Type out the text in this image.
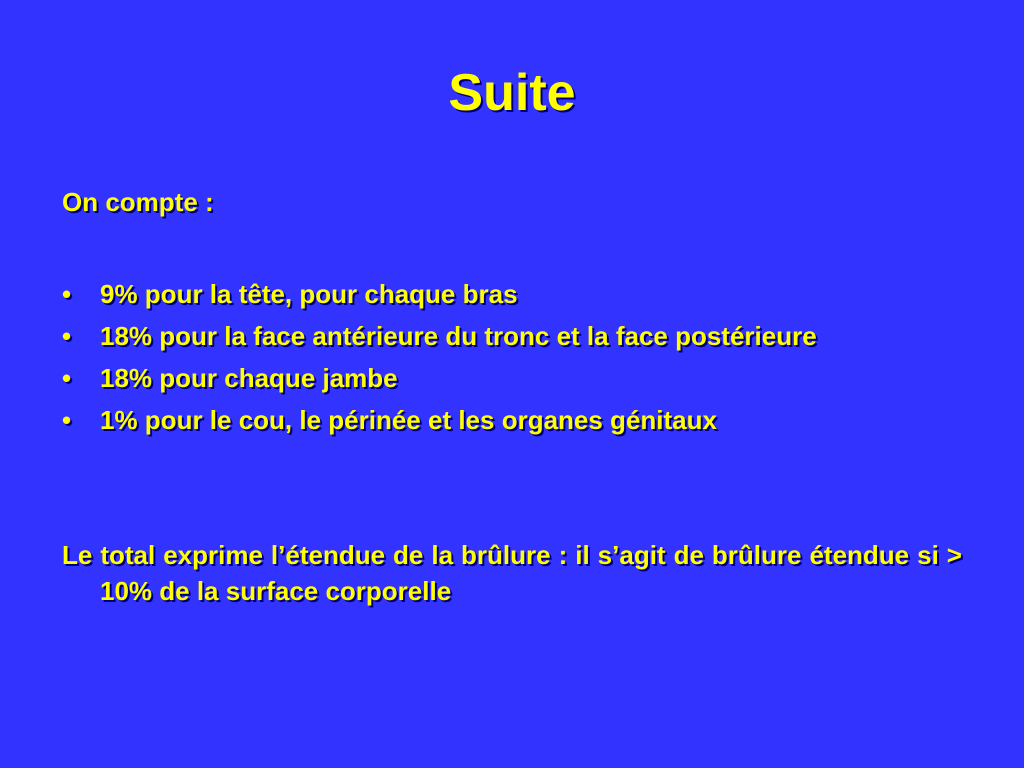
Suite

On compte :

• 9% pour la tête, pour chaque bras
• 18% pour la face antérieure du tronc et la face postérieure
• 18% pour chaque jambe
• 1% pour le cou, le périnée et les organes génitaux

Le total exprime l’étendue de la brûlure : il s’agit de brûlure étendue si > 10% de la surface corporelle
